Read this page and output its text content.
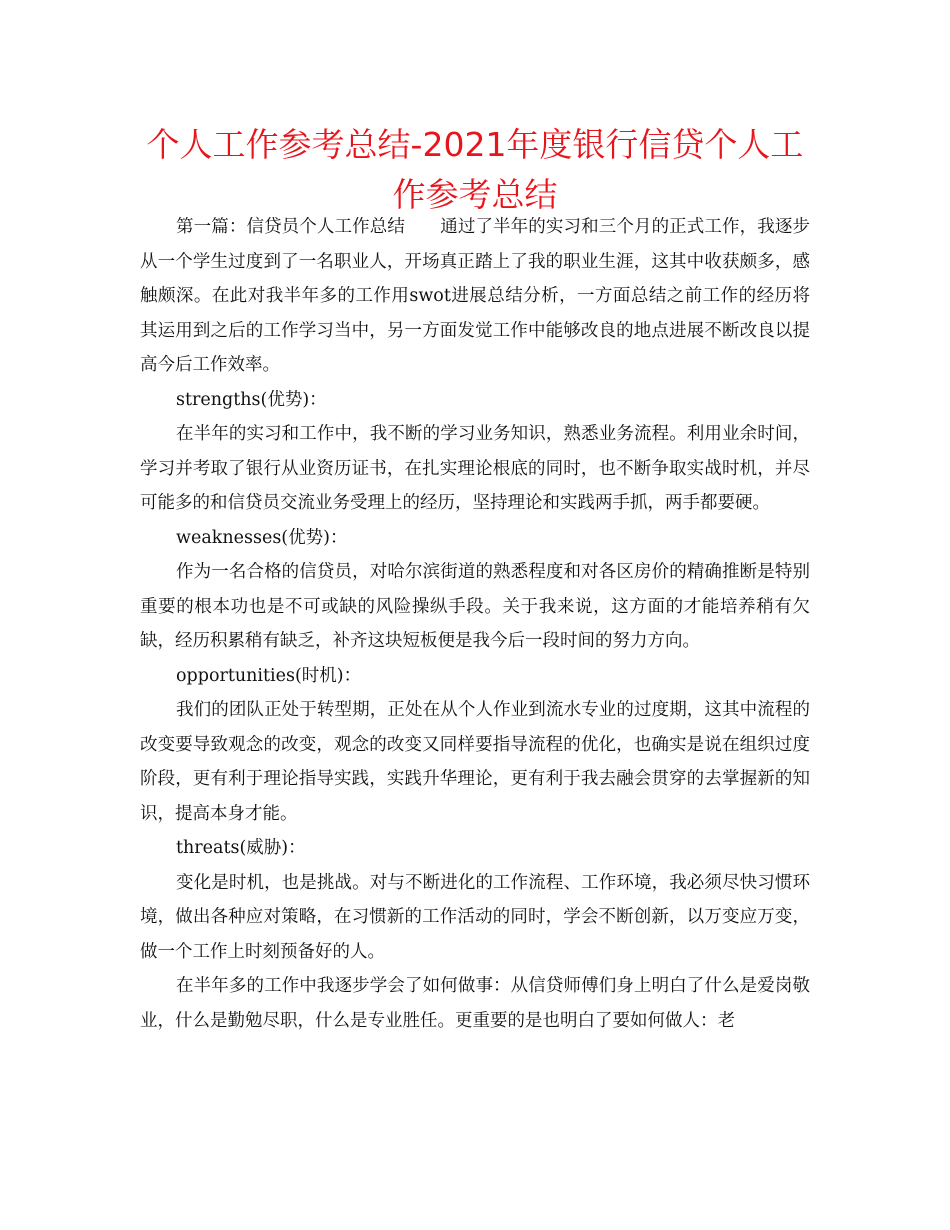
个人工作参考总结-2021年度银行信贷个人工作参考总结

第一篇：信贷员个人工作总结　　通过了半年的实习和三个月的正式工作，我逐步从一个学生过度到了一名职业人，开场真正踏上了我的职业生涯，这其中收获颇多，感触颇深。在此对我半年多的工作用swot进展总结分析，一方面总结之前工作的经历将其运用到之后的工作学习当中，另一方面发觉工作中能够改良的地点进展不断改良以提高今后工作效率。

strengths(优势)：

在半年的实习和工作中，我不断的学习业务知识，熟悉业务流程。利用业余时间，学习并考取了银行从业资历证书，在扎实理论根底的同时，也不断争取实战时机，并尽可能多的和信贷员交流业务受理上的经历，坚持理论和实践两手抓，两手都要硬。

weaknesses(优势)：

作为一名合格的信贷员，对哈尔滨街道的熟悉程度和对各区房价的精确推断是特别重要的根本功也是不可或缺的风险操纵手段。关于我来说，这方面的才能培养稍有欠缺，经历积累稍有缺乏，补齐这块短板便是我今后一段时间的努力方向。

opportunities(时机)：

我们的团队正处于转型期，正处在从个人作业到流水专业的过度期，这其中流程的改变要导致观念的改变，观念的改变又同样要指导流程的优化，也确实是说在组织过度阶段，更有利于理论指导实践，实践升华理论，更有利于我去融会贯穿的去掌握新的知识，提高本身才能。

threats(威胁)：

变化是时机，也是挑战。对与不断进化的工作流程、工作环境，我必须尽快习惯环境，做出各种应对策略，在习惯新的工作活动的同时，学会不断创新，以万变应万变，做一个工作上时刻预备好的人。

在半年多的工作中我逐步学会了如何做事：从信贷师傅们身上明白了什么是爱岗敬业，什么是勤勉尽职，什么是专业胜任。更重要的是也明白了要如何做人：老
